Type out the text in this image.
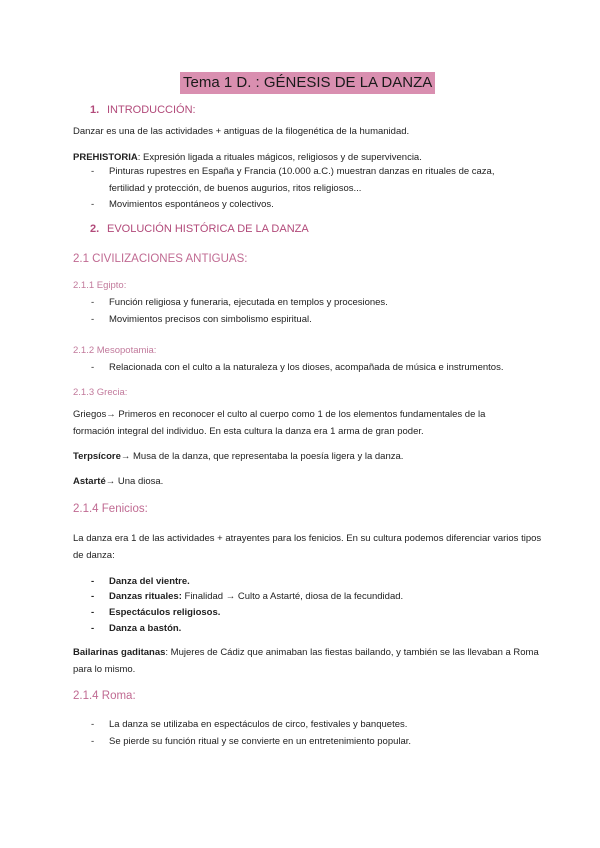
Tema 1 D. : GÉNESIS DE LA DANZA
1. INTRODUCCIÓN:
Danzar es una de las actividades + antiguas de la filogenética de la humanidad.
PREHISTORIA: Expresión ligada a rituales mágicos, religiosos y de supervivencia.
- Pinturas rupestres en España y Francia (10.000 a.C.) muestran danzas en rituales de caza, fertilidad y protección, de buenos augurios, ritos religiosos...
- Movimientos espontáneos y colectivos.
2. EVOLUCIÓN HISTÓRICA DE LA DANZA
2.1 CIVILIZACIONES ANTIGUAS:
2.1.1 Egipto:
- Función religiosa y funeraria, ejecutada en templos y procesiones.
- Movimientos precisos con simbolismo espiritual.
2.1.2 Mesopotamia:
- Relacionada con el culto a la naturaleza y los dioses, acompañada de música e instrumentos.
2.1.3 Grecia:
Griegos→ Primeros en reconocer el culto al cuerpo como 1 de los elementos fundamentales de la formación integral del individuo. En esta cultura la danza era 1 arma de gran poder.
Terpsícore→ Musa de la danza, que representaba la poesía ligera y la danza.
Astarté→ Una diosa.
2.1.4 Fenicios:
La danza era 1 de las actividades + atrayentes para los fenicios. En su cultura podemos diferenciar varios tipos de danza:
- Danza del vientre.
- Danzas rituales: Finalidad → Culto a Astarté, diosa de la fecundidad.
- Espectáculos religiosos.
- Danza a bastón.
Bailarinas gaditanas: Mujeres de Cádiz que animaban las fiestas bailando, y también se las llevaban a Roma para lo mismo.
2.1.4 Roma:
- La danza se utilizaba en espectáculos de circo, festivales y banquetes.
- Se pierde su función ritual y se convierte en un entretenimiento popular.
